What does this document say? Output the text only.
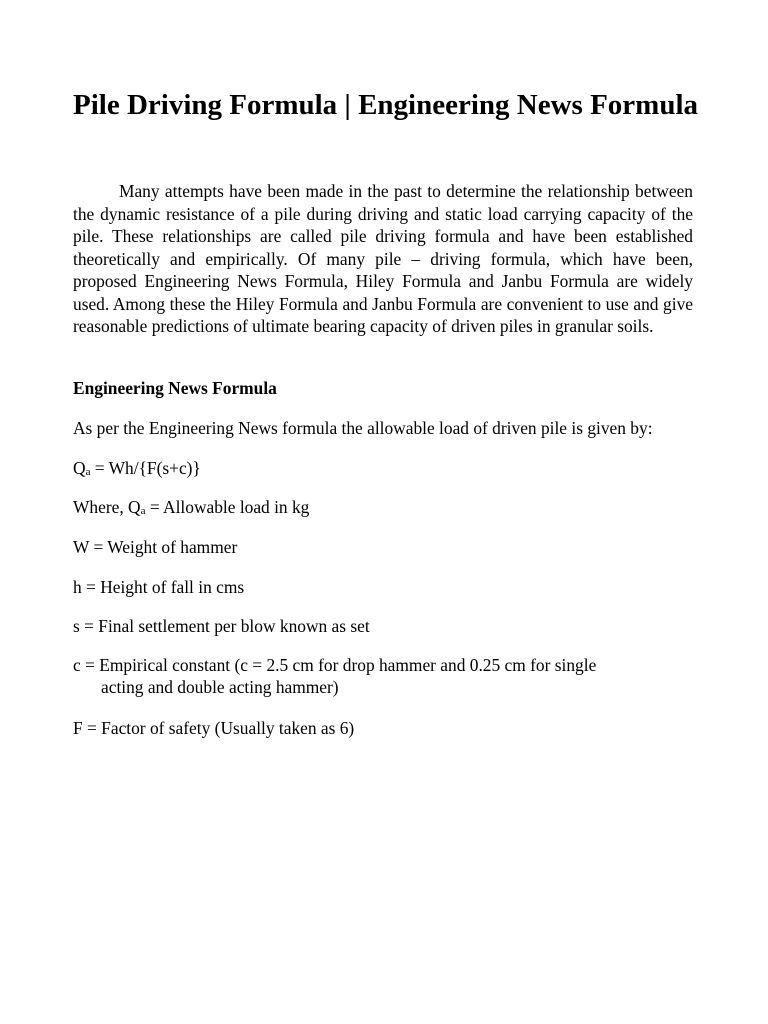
Pile Driving Formula | Engineering News Formula

Many attempts have been made in the past to determine the relationship between the dynamic resistance of a pile during driving and static load carrying capacity of the pile. These relationships are called pile driving formula and have been established theoretically and empirically. Of many pile – driving formula, which have been, proposed Engineering News Formula, Hiley Formula and Janbu Formula are widely used. Among these the Hiley Formula and Janbu Formula are convenient to use and give reasonable predictions of ultimate bearing capacity of driven piles in granular soils.

Engineering News Formula

As per the Engineering News formula the allowable load of driven pile is given by:

$Q_a = Wh/\{F(s+c)\}$

Where, $Q_a$ = Allowable load in kg

W = Weight of hammer

h = Height of fall in cms

s = Final settlement per blow known as set

c = Empirical constant (c = 2.5 cm for drop hammer and 0.25 cm for single
acting and double acting hammer)

F = Factor of safety (Usually taken as 6)
